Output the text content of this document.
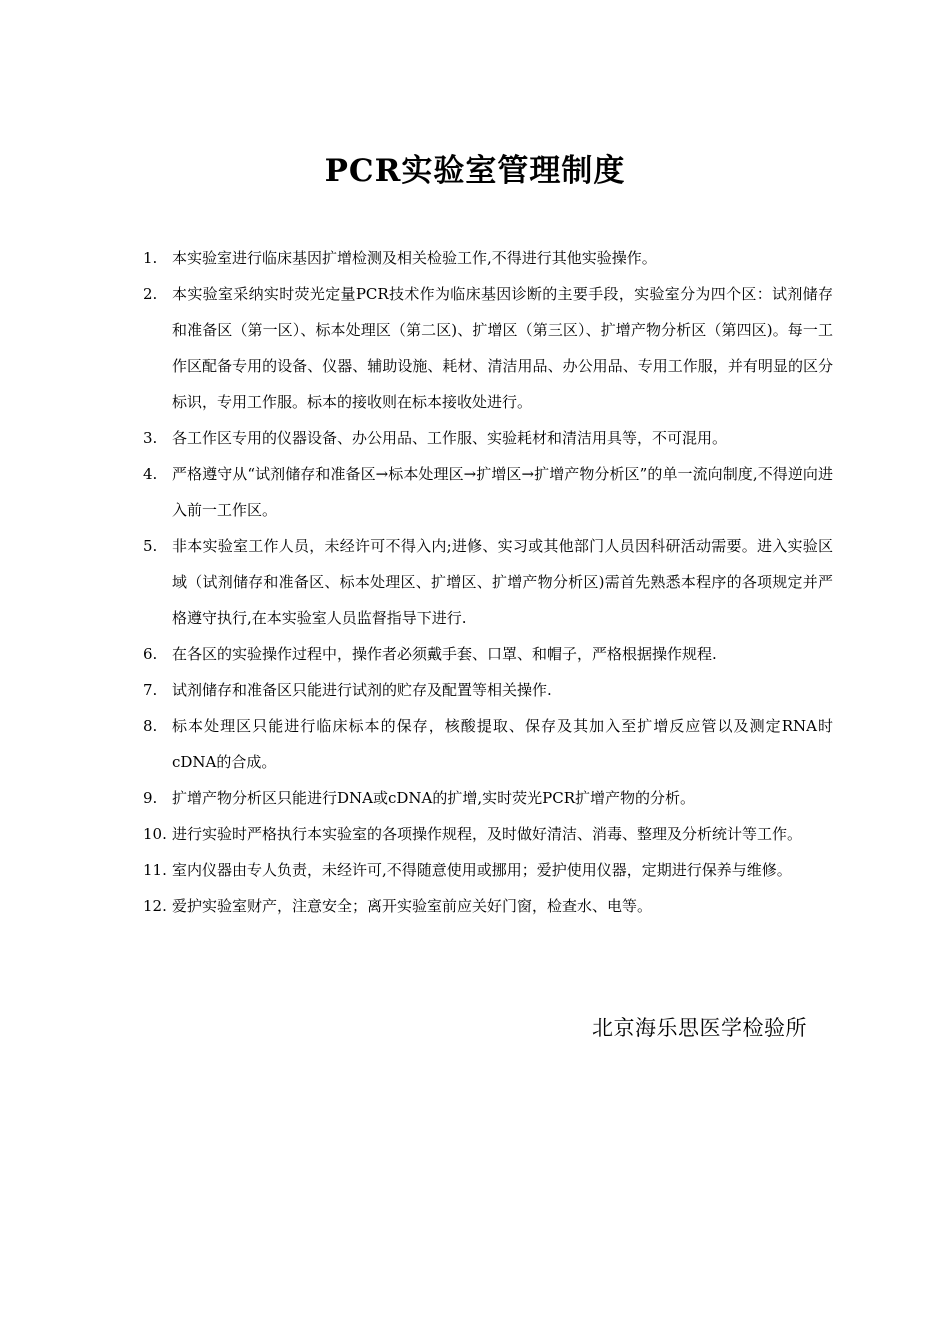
PCR实验室管理制度
1. 本实验室进行临床基因扩增检测及相关检验工作,不得进行其他实验操作。
2. 本实验室采纳实时荧光定量PCR技术作为临床基因诊断的主要手段，实验室分为四个区：试剂储存和准备区（第一区）、标本处理区（第二区)、扩增区（第三区）、扩增产物分析区（第四区)。每一工作区配备专用的设备、仪器、辅助设施、耗材、清洁用品、办公用品、专用工作服，并有明显的区分标识，专用工作服。标本的接收则在标本接收处进行。
3. 各工作区专用的仪器设备、办公用品、工作服、实验耗材和清洁用具等，不可混用。
4. 严格遵守从“试剂储存和准备区→标本处理区→扩增区→扩增产物分析区”的单一流向制度,不得逆向进入前一工作区。
5. 非本实验室工作人员，未经许可不得入内;进修、实习或其他部门人员因科研活动需要。进入实验区域（试剂储存和准备区、标本处理区、扩增区、扩增产物分析区)需首先熟悉本程序的各项规定并严格遵守执行,在本实验室人员监督指导下进行.
6. 在各区的实验操作过程中，操作者必须戴手套、口罩、和帽子，严格根据操作规程.
7. 试剂储存和准备区只能进行试剂的贮存及配置等相关操作.
8. 标本处理区只能进行临床标本的保存，核酸提取、保存及其加入至扩增反应管以及测定RNA时cDNA的合成。
9. 扩增产物分析区只能进行DNA或cDNA的扩增,实时荧光PCR扩增产物的分析。
10. 进行实验时严格执行本实验室的各项操作规程，及时做好清洁、消毒、整理及分析统计等工作。
11. 室内仪器由专人负责，未经许可,不得随意使用或挪用；爱护使用仪器，定期进行保养与维修。
12. 爱护实验室财产，注意安全；离开实验室前应关好门窗，检查水、电等。
北京海乐思医学检验所
